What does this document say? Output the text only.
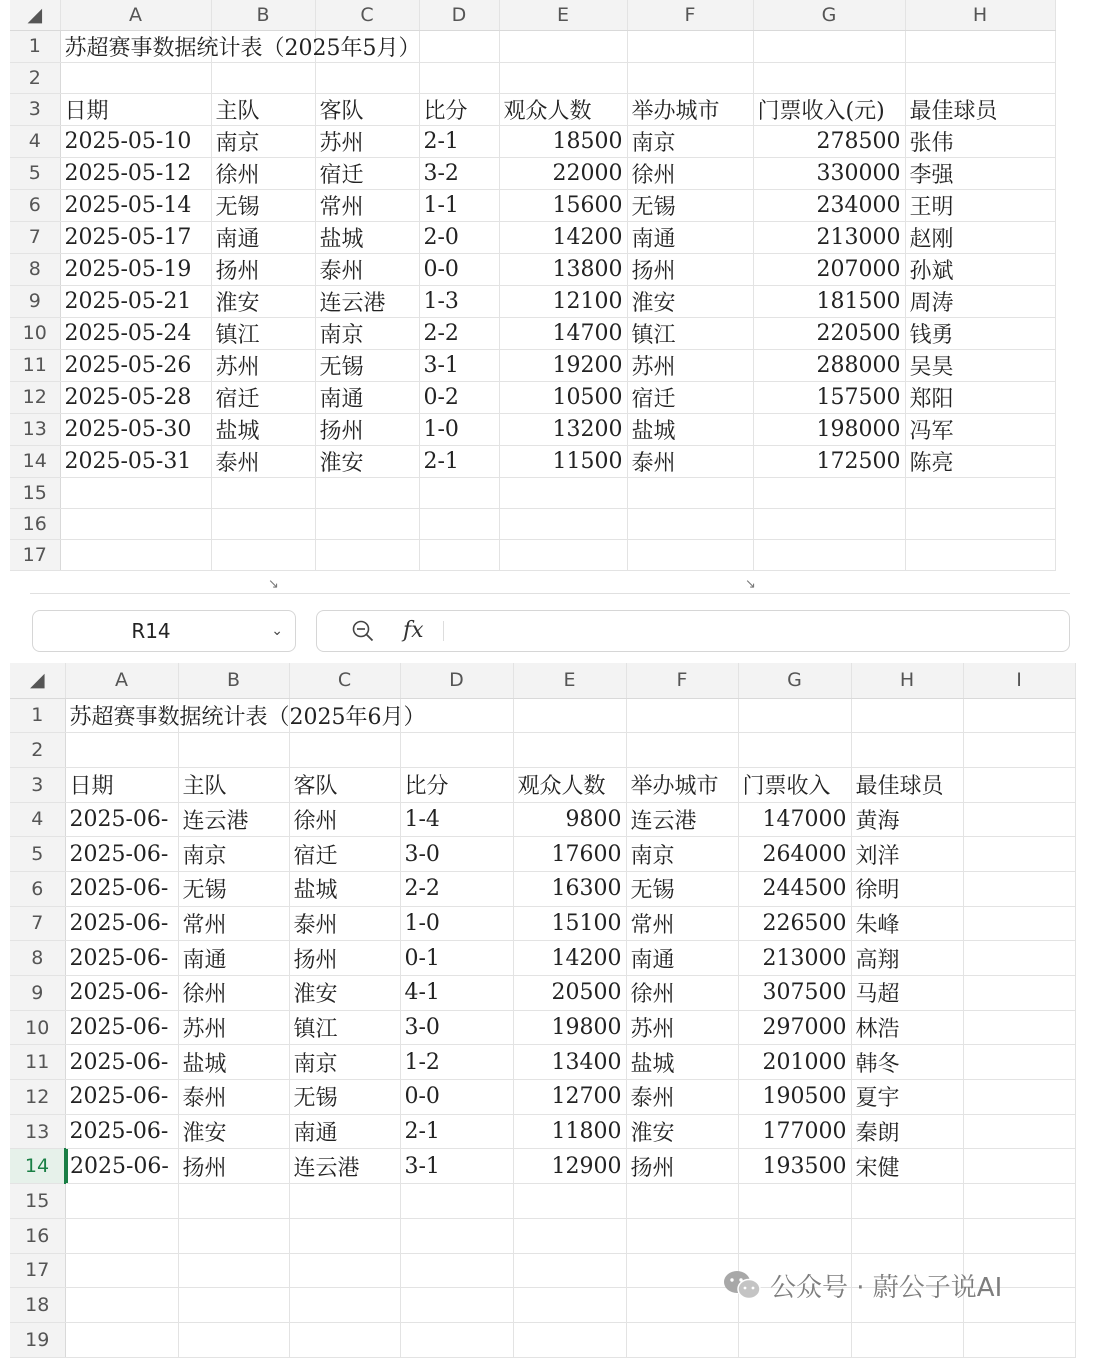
◢	A	B	C	D	E	F	G	H
1	苏超赛事数据统计表（2025年5月）							
2								
3	日期	主队	客队	比分	观众人数	举办城市	门票收入(元)	最佳球员
4	2025-05-10	南京	苏州	2-1	18500	南京	278500	张伟
5	2025-05-12	徐州	宿迁	3-2	22000	徐州	330000	李强
6	2025-05-14	无锡	常州	1-1	15600	无锡	234000	王明
7	2025-05-17	南通	盐城	2-0	14200	南通	213000	赵刚
8	2025-05-19	扬州	泰州	0-0	13800	扬州	207000	孙斌
9	2025-05-21	淮安	连云港	1-3	12100	淮安	181500	周涛
10	2025-05-24	镇江	南京	2-2	14700	镇江	220500	钱勇
11	2025-05-26	苏州	无锡	3-1	19200	苏州	288000	吴昊
12	2025-05-28	宿迁	南通	0-2	10500	宿迁	157500	郑阳
13	2025-05-30	盐城	扬州	1-0	13200	盐城	198000	冯军
14	2025-05-31	泰州	淮安	2-1	11500	泰州	172500	陈亮
15								
16								
17								
↘	↘
R14	⌄	fx
◢	A	B	C	D	E	F	G	H	I
1	苏超赛事数据统计表（2025年6月）								
2									
3	日期	主队	客队	比分	观众人数	举办城市	门票收入	最佳球员	
4	2025-06-	连云港	徐州	1-4	9800	连云港	147000	黄海	
5	2025-06-	南京	宿迁	3-0	17600	南京	264000	刘洋	
6	2025-06-	无锡	盐城	2-2	16300	无锡	244500	徐明	
7	2025-06-	常州	泰州	1-0	15100	常州	226500	朱峰	
8	2025-06-	南通	扬州	0-1	14200	南通	213000	高翔	
9	2025-06-	徐州	淮安	4-1	20500	徐州	307500	马超	
10	2025-06-	苏州	镇江	3-0	19800	苏州	297000	林浩	
11	2025-06-	盐城	南京	1-2	13400	盐城	201000	韩冬	
12	2025-06-	泰州	无锡	0-0	12700	泰州	190500	夏宇	
13	2025-06-	淮安	南通	2-1	11800	淮安	177000	秦朗	
14	2025-06-	扬州	连云港	3-1	12900	扬州	193500	宋健	
15									
16									
17									
18									
19									
公众号 · 蔚公子说AI
